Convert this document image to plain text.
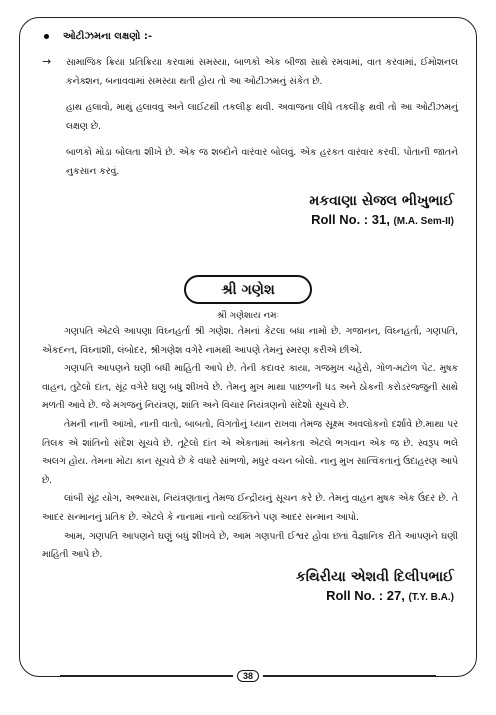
ઓટીઝમના લક્ષણો :-
→	સામાજિક ક્રિયા પ્રતિક્રિયા કરવામાં સમસ્યા, બાળકો એક બીજા સાથે રમવામાં, વાત કરવામાં, ઈમોશનલ કનેક્શન, બનાવવામાં સમસ્યા થતી હોય તો આ ઓટીઝમનું સંકેત છે.

હાથ હલાવો, માથું હલાવવુ અને લાઈટથી તકલીફ થવી. અવાજના લીધે તકલીફ થવી તો આ ઓટીઝમનું લક્ષણ છે.

બાળકો મોડા બોલતા શીખે છે. એક જ શબ્દોને વારંવાર બોલવું. એક હરકત વારંવાર કરવી. પોતાની જાતને નુકસાન કરવું.

મકવાણા સેજલ ભીખુભાઈ
Roll No. : 31, (M.A. Sem-II)
શ્રી ગણેશ
શ્રી ગણેશાય નમઃ

ગણપતિ એટલે આપણા વિઘ્નહર્તા શ્રી ગણેશ. તેમનાં કેટલા બધા નામો છે. ગજાનન, વિઘ્નહર્તા, ગણપતિ, એકદન્ત, વિઘ્નાશી, લંબોદર, શ્રીગણેશ વગેરે નામથી આપણે તેમનું સ્મરણ કરીએ છીએ.

ગણપતિ આપણને ઘણી બધી માહિતી આપે છે. તેની કદાવર કાયા, ગજમુખ ચહેરો, ગોળ-મટોળ પેટ. મુષક વાહન, તુટેલો દાંત, સૂંઢ વગેરે ઘણુ બધુ શીખવે છે. તેમનુ મુખ માથા પાછળની ધડ અને ઠોકની કરોડરજ્જુની સાથે મળતી આવે છે. જે મગજનું નિયંત્રણ, શાંતિ અને વિચાર નિયંત્રણનો સંદેશો સૂચવે છે.

તેમની નાની આંખો, નાની વાતો, બાબતો, વિગતોનું ધ્યાન રાખવા તેમજ સૂક્ષ્મ અવલોકનો દર્શાવે છે.માથા પર તિલક એ શાંતિનો સંદેશ સૂચવે છે. તૂટેલો દાંત એ એકતામાં અનેકતા એટલે ભગવાન એક જ છે. સ્વરૂપ ભલે અલગ હોય. તેમના મોટા કાન સૂચવે છે કે વધારે સાંભળો, મધુર વચન બોલો. નાનુ મુખ સાત્વિકતાનું ઉદાહરણ આપે છે.

લાંબી સૂંઢ યોગ, અભ્યાસ, નિયંત્રણતાનું તેમજ ઈન્દ્રીયનું સૂચન કરે છે. તેમનું વાહન મુષક એક ઉંદર છે. તે આદર સન્માનનું પ્રતિક છે. એટલે કે નાનામાં નાનો વ્યક્તિને પણ આદર સન્માન આપો.

આમ, ગણપતિ આપણને ઘણું બધું શીખવે છે, આમ ગણપતી ઈશ્વર હોવા છતાં વૈજ્ઞાનિક રીતે આપણને ઘણી માહિતી આપે છે.

કથિરીયા એશવી દિલીપભાઈ
Roll No. : 27, (T.Y. B.A.)
38
